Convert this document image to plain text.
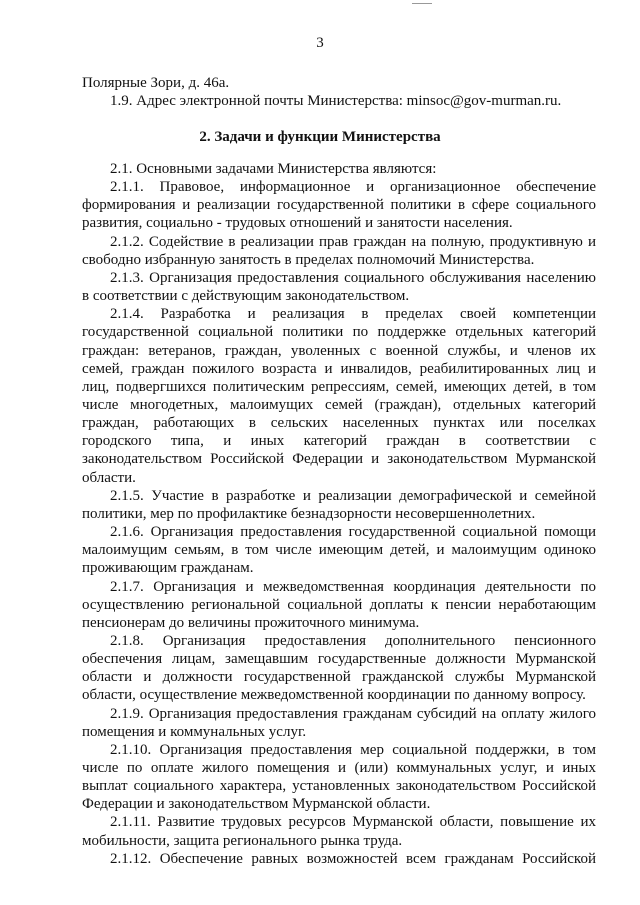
3
Полярные Зори, д. 46а.
1.9. Адрес электронной почты Министерства: minsoc@gov-murman.ru.
2. Задачи и функции Министерства
2.1. Основными задачами Министерства являются:
2.1.1. Правовое, информационное и организационное обеспечение
формирования и реализации государственной политики в сфере социального
развития, социально - трудовых отношений и занятости населения.
2.1.2. Содействие в реализации прав граждан на полную, продуктивную и
свободно избранную занятость в пределах полномочий Министерства.
2.1.3. Организация предоставления социального обслуживания населению
в соответствии с действующим законодательством.
2.1.4. Разработка и реализация в пределах своей компетенции
государственной социальной политики по поддержке отдельных категорий
граждан: ветеранов, граждан, уволенных с военной службы, и членов их
семей, граждан пожилого возраста и инвалидов, реабилитированных лиц и
лиц, подвергшихся политическим репрессиям, семей, имеющих детей, в том
числе многодетных, малоимущих семей (граждан), отдельных категорий
граждан, работающих в сельских населенных пунктах или поселках
городского типа, и иных категорий граждан в соответствии с
законодательством Российской Федерации и законодательством Мурманской
области.
2.1.5. Участие в разработке и реализации демографической и семейной
политики, мер по профилактике безнадзорности несовершеннолетних.
2.1.6. Организация предоставления государственной социальной помощи
малоимущим семьям, в том числе имеющим детей, и малоимущим одиноко
проживающим гражданам.
2.1.7. Организация и межведомственная координация деятельности по
осуществлению региональной социальной доплаты к пенсии неработающим
пенсионерам до величины прожиточного минимума.
2.1.8. Организация предоставления дополнительного пенсионного
обеспечения лицам, замещавшим государственные должности Мурманской
области и должности государственной гражданской службы Мурманской
области, осуществление межведомственной координации по данному вопросу.
2.1.9. Организация предоставления гражданам субсидий на оплату жилого
помещения и коммунальных услуг.
2.1.10. Организация предоставления мер социальной поддержки, в том
числе по оплате жилого помещения и (или) коммунальных услуг, и иных
выплат социального характера, установленных законодательством Российской
Федерации и законодательством Мурманской области.
2.1.11. Развитие трудовых ресурсов Мурманской области, повышение их
мобильности, защита регионального рынка труда.
2.1.12. Обеспечение равных возможностей всем гражданам Российской
